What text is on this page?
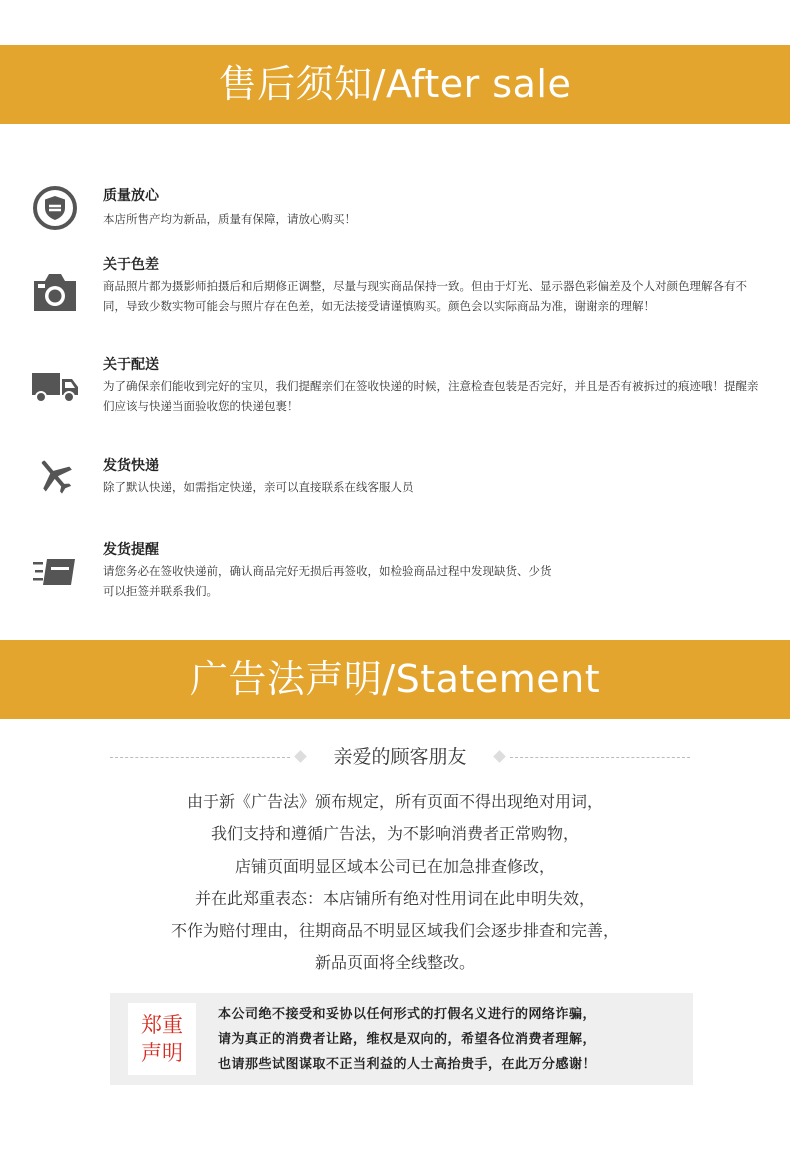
售后须知/After sale
质量放心
本店所售产均为新品，质量有保障，请放心购买！
关于色差
商品照片都为摄影师拍摄后和后期修正调整，尽量与现实商品保持一致。但由于灯光、显示器色彩偏差及个人对颜色理解各有不同，导致少数实物可能会与照片存在色差，如无法接受请谨慎购买。颜色会以实际商品为准，谢谢亲的理解！
关于配送
为了确保亲们能收到完好的宝贝，我们提醒亲们在签收快递的时候，注意检查包装是否完好，并且是否有被拆过的痕迹哦！提醒亲们应该与快递当面验收您的快递包裹！
发货快递
除了默认快递，如需指定快递，亲可以直接联系在线客服人员
发货提醒
请您务必在签收快递前，确认商品完好无损后再签收，如检验商品过程中发现缺货、少货
可以拒签并联系我们。
广告法声明/Statement
亲爱的顾客朋友
由于新《广告法》颁布规定，所有页面不得出现绝对用词，
我们支持和遵循广告法，为不影响消费者正常购物，
店铺页面明显区域本公司已在加急排查修改，
并在此郑重表态：本店铺所有绝对性用词在此申明失效，
不作为赔付理由，往期商品不明显区域我们会逐步排查和完善，
新品页面将全线整改。
郑重
声明
本公司绝不接受和妥协以任何形式的打假名义进行的网络诈骗，
请为真正的消费者让路，维权是双向的，希望各位消费者理解，
也请那些试图谋取不正当利益的人士高抬贵手，在此万分感谢！
